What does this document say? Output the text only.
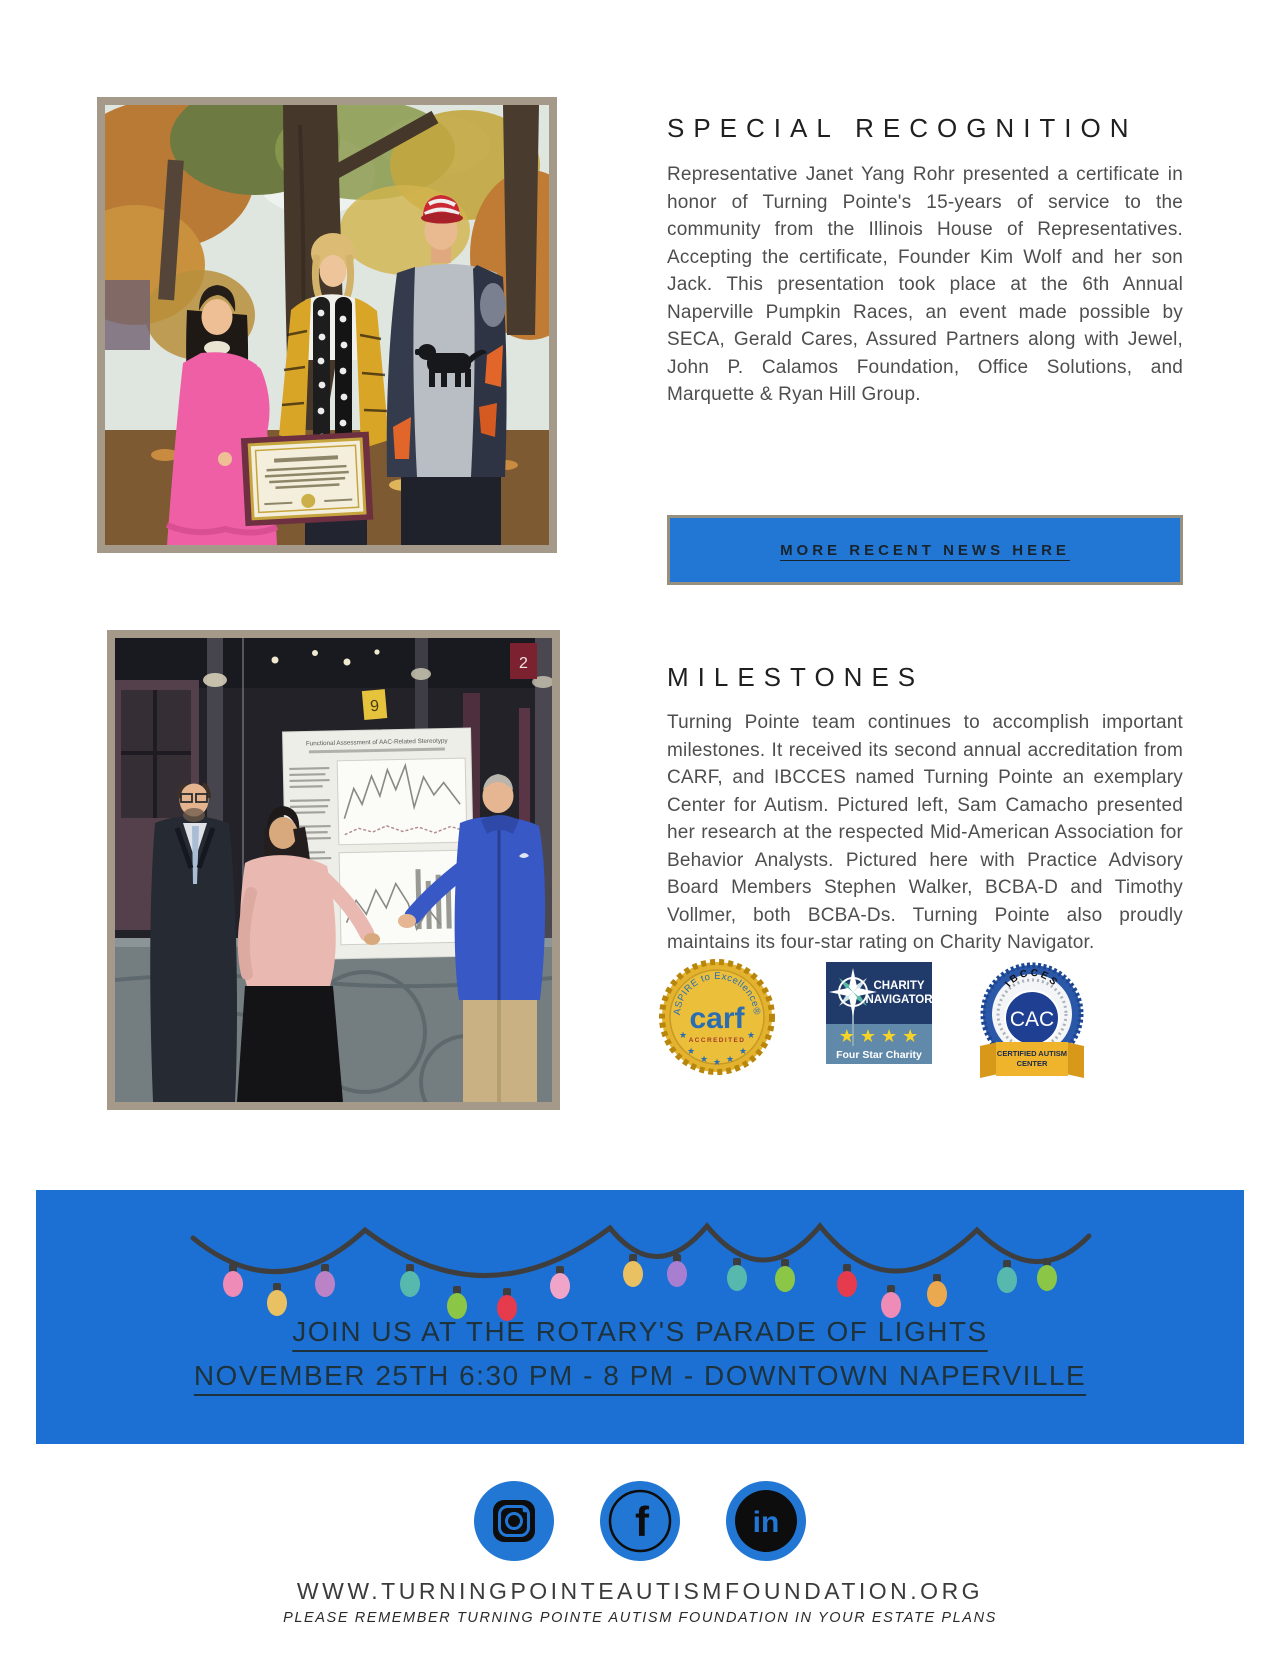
SPECIAL RECOGNITION

Representative Janet Yang Rohr presented a certificate in honor of Turning Pointe's 15-years of service to the community from the Illinois House of Representatives. Accepting the certificate, Founder Kim Wolf and her son Jack. This presentation took place at the 6th Annual Naperville Pumpkin Races, an event made possible by SECA, Gerald Cares, Assured Partners along with Jewel, John P. Calamos Foundation, Office Solutions, and Marquette & Ryan Hill Group.

MORE RECENT NEWS HERE
2
Functional Assessment of AAC-Related Stereotypy
9
MILESTONES

Turning Pointe team continues to accomplish important milestones. It received its second annual accreditation from CARF, and IBCCES named Turning Pointe an exemplary Center for Autism. Pictured left, Sam Camacho presented her research at the respected Mid-American Association for Behavior Analysts. Pictured here with Practice Advisory Board Members Stephen Walker, BCBA-D and Timothy Vollmer, both BCBA-Ds. Turning Pointe also proudly maintains its four-star rating on Charity Navigator.

ASPIRE to Excellence®
carf
ACCREDITED
★	★
★
★ ★ ★
★
CHARITY
NAVIGATOR
★★★★
Four Star Charity
IBCCES
CAC
CERTIFIED AUTISM
CENTER
JOIN US AT THE ROTARY'S PARADE OF LIGHTS
NOVEMBER 25TH 6:30 PM - 8 PM - DOWNTOWN NAPERVILLE
f	in
WWW.TURNINGPOINTEAUTISMFOUNDATION.ORG
PLEASE REMEMBER TURNING POINTE AUTISM FOUNDATION IN YOUR ESTATE PLANS
